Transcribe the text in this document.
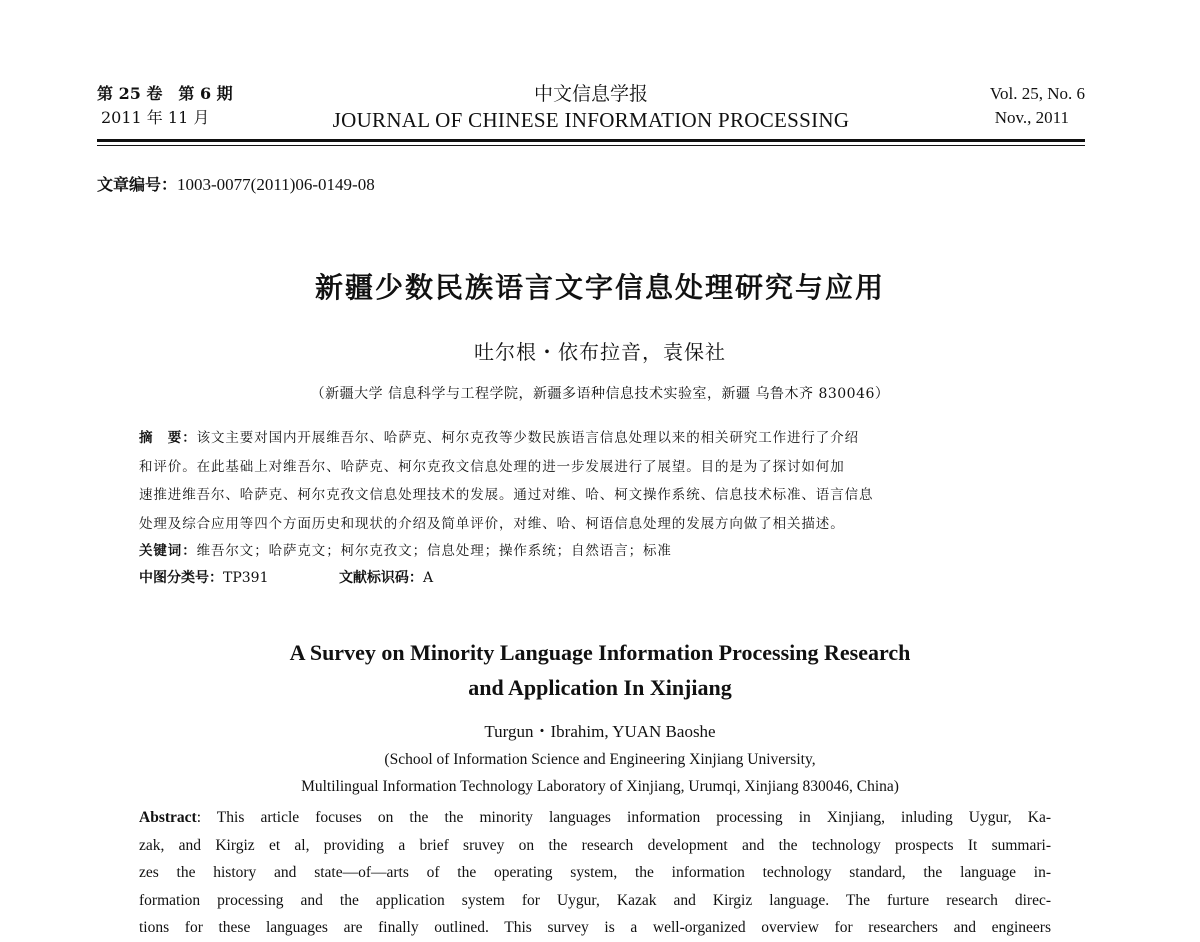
第 25 卷　第 6 期
2011 年 11 月
中文信息学报
JOURNAL OF CHINESE INFORMATION PROCESSING
Vol. 25, No. 6
Nov., 2011
文章编号：1003-0077(2011)06-0149-08
新疆少数民族语言文字信息处理研究与应用
吐尔根・依布拉音，袁保社
（新疆大学 信息科学与工程学院，新疆多语种信息技术实验室，新疆 乌鲁木齐 830046）
摘　要：该文主要对国内开展维吾尔、哈萨克、柯尔克孜等少数民族语言信息处理以来的相关研究工作进行了介绍
和评价。在此基础上对维吾尔、哈萨克、柯尔克孜文信息处理的进一步发展进行了展望。目的是为了探讨如何加
速推进维吾尔、哈萨克、柯尔克孜文信息处理技术的发展。通过对维、哈、柯文操作系统、信息技术标准、语言信息
处理及综合应用等四个方面历史和现状的介绍及简单评价，对维、哈、柯语信息处理的发展方向做了相关描述。
关键词：维吾尔文；哈萨克文；柯尔克孜文；信息处理；操作系统；自然语言；标准
中图分类号：TP391	文献标识码：A
A Survey on Minority Language Information Processing Research
and Application In Xinjiang
Turgun・Ibrahim, YUAN Baoshe
(School of Information Science and Engineering Xinjiang University,
Multilingual Information Technology Laboratory of Xinjiang, Urumqi, Xinjiang 830046, China)
Abstract: This article focuses on the the minority languages information processing in Xinjiang, inluding Uygur, Ka-
zak, and Kirgiz et al, providing a brief sruvey on the research development and the technology prospects It summari-
zes the history and state—of—arts of the operating system, the information technology standard, the language in-
formation processing and the application system for Uygur, Kazak and Kirgiz language. The furture research direc-
tions for these languages are finally outlined. This survey is a well-organized overview for researchers and engineers
